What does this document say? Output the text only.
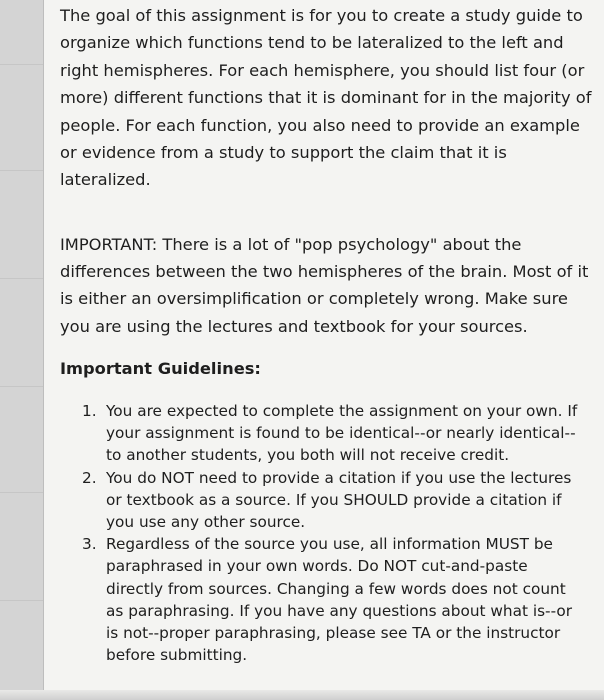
The goal of this assignment is for you to create a study guide to organize which functions tend to be lateralized to the left and right hemispheres. For each hemisphere, you should list four (or more) different functions that it is dominant for in the majority of people. For each function, you also need to provide an example or evidence from a study to support the claim that it is lateralized.
IMPORTANT: There is a lot of "pop psychology" about the differences between the two hemispheres of the brain. Most of it is either an oversimplification or completely wrong. Make sure you are using the lectures and textbook for your sources.
Important Guidelines:
1. You are expected to complete the assignment on your own. If your assignment is found to be identical--or nearly identical--to another students, you both will not receive credit.
2. You do NOT need to provide a citation if you use the lectures or textbook as a source. If you SHOULD provide a citation if you use any other source.
3. Regardless of the source you use, all information MUST be paraphrased in your own words. Do NOT cut-and-paste directly from sources. Changing a few words does not count as paraphrasing. If you have any questions about what is--or is not--proper paraphrasing, please see TA or the instructor before submitting.
